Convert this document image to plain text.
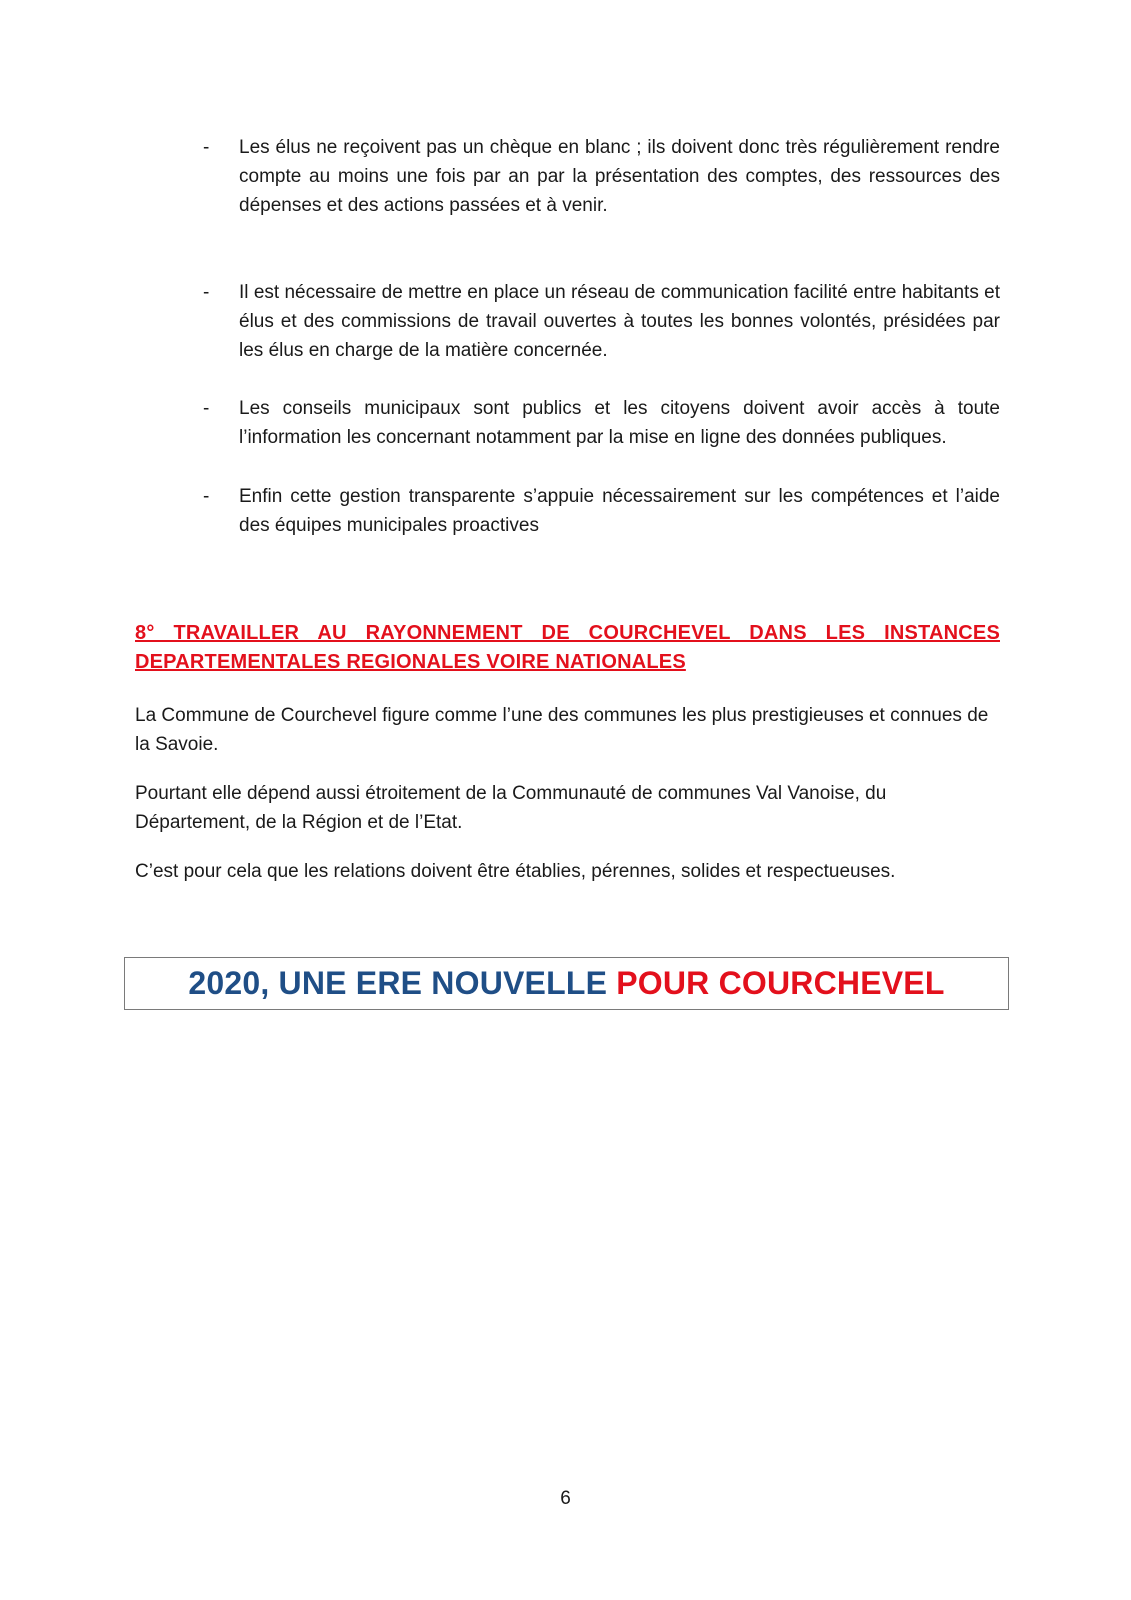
- Les élus ne reçoivent pas un chèque en blanc ; ils doivent donc très régulièrement rendre compte au moins une fois par an par la présentation des comptes, des ressources des dépenses et des actions passées et à venir.
- Il est nécessaire de mettre en place un réseau de communication facilité entre habitants et élus et des commissions de travail ouvertes à toutes les bonnes volontés, présidées par les élus en charge de la matière concernée.
- Les conseils municipaux sont publics et les citoyens doivent avoir accès à toute l’information les concernant notamment par la mise en ligne des données publiques.
- Enfin cette gestion transparente s’appuie nécessairement sur les compétences et l’aide des équipes municipales proactives
8° TRAVAILLER AU RAYONNEMENT DE COURCHEVEL DANS LES INSTANCES DEPARTEMENTALES REGIONALES VOIRE NATIONALES
La Commune de Courchevel figure comme l’une des communes les plus prestigieuses et connues de la Savoie.
Pourtant elle dépend aussi étroitement de la Communauté de communes Val Vanoise, du Département, de la Région et de l’Etat.
C’est pour cela que les relations doivent être établies, pérennes, solides et respectueuses.
2020, UNE ERE NOUVELLE POUR COURCHEVEL
6
